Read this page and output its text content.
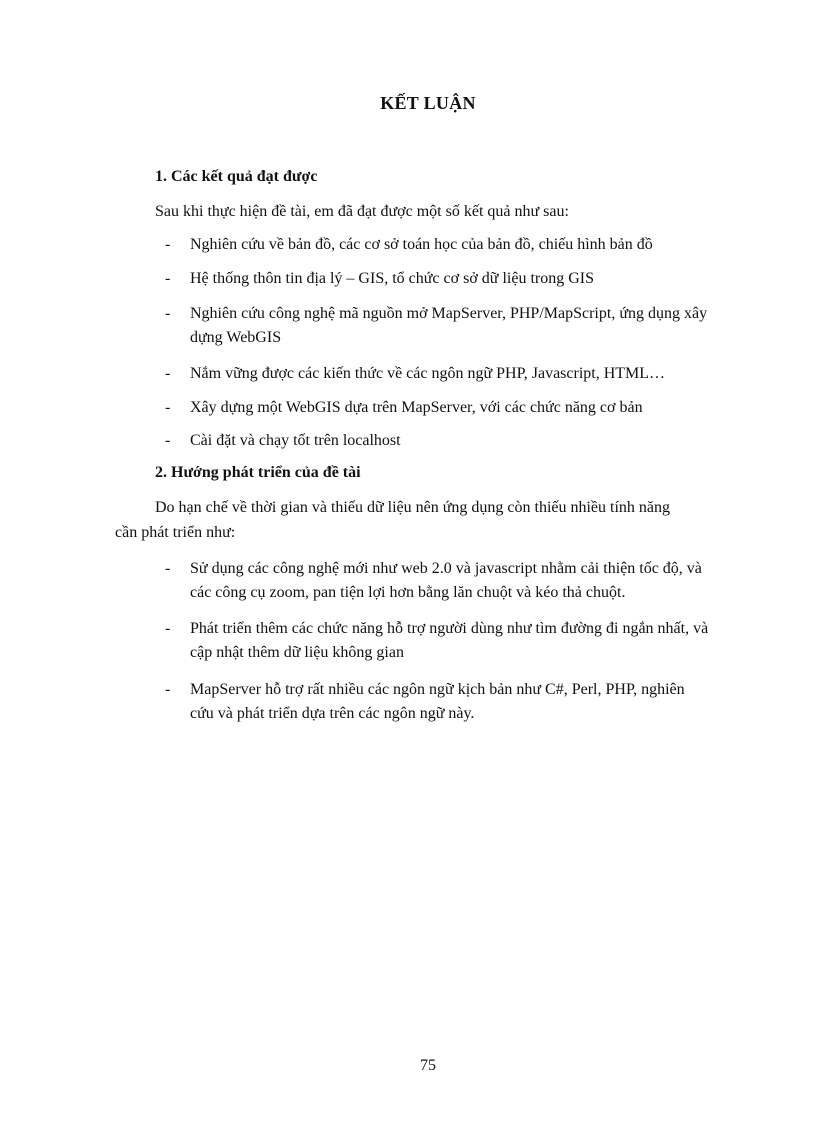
KẾT LUẬN
1. Các kết quả đạt được
Sau khi thực hiện đề tài, em đã đạt được một số kết quả như sau:
- Nghiên cứu về bản đồ, các cơ sở toán học của bản đồ, chiếu hình bản đồ
- Hệ thống thôn tin địa lý – GIS, tổ chức cơ sở dữ liệu trong GIS
- Nghiên cứu công nghệ mã nguồn mở MapServer, PHP/MapScript, ứng dụng xây dựng WebGIS
- Nắm vững được các kiến thức về các ngôn ngữ PHP, Javascript, HTML…
- Xây dựng một WebGIS dựa trên MapServer, với các chức năng cơ bản
- Cài đặt và chạy tốt trên localhost
2. Hướng phát triển của đề tài
Do hạn chế về thời gian và thiếu dữ liệu nên ứng dụng còn thiếu nhiều tính năng
cần phát triển như:
- Sử dụng các công nghệ mới như web 2.0 và javascript nhằm cải thiện tốc độ, và các công cụ zoom, pan tiện lợi hơn bằng lăn chuột và kéo thả chuột.
- Phát triển thêm các chức năng hỗ trợ người dùng như tìm đường đi ngắn nhất, và cập nhật thêm dữ liệu không gian
- MapServer hỗ trợ rất nhiều các ngôn ngữ kịch bản như C#, Perl, PHP, nghiên cứu và phát triển dựa trên các ngôn ngữ này.
75
